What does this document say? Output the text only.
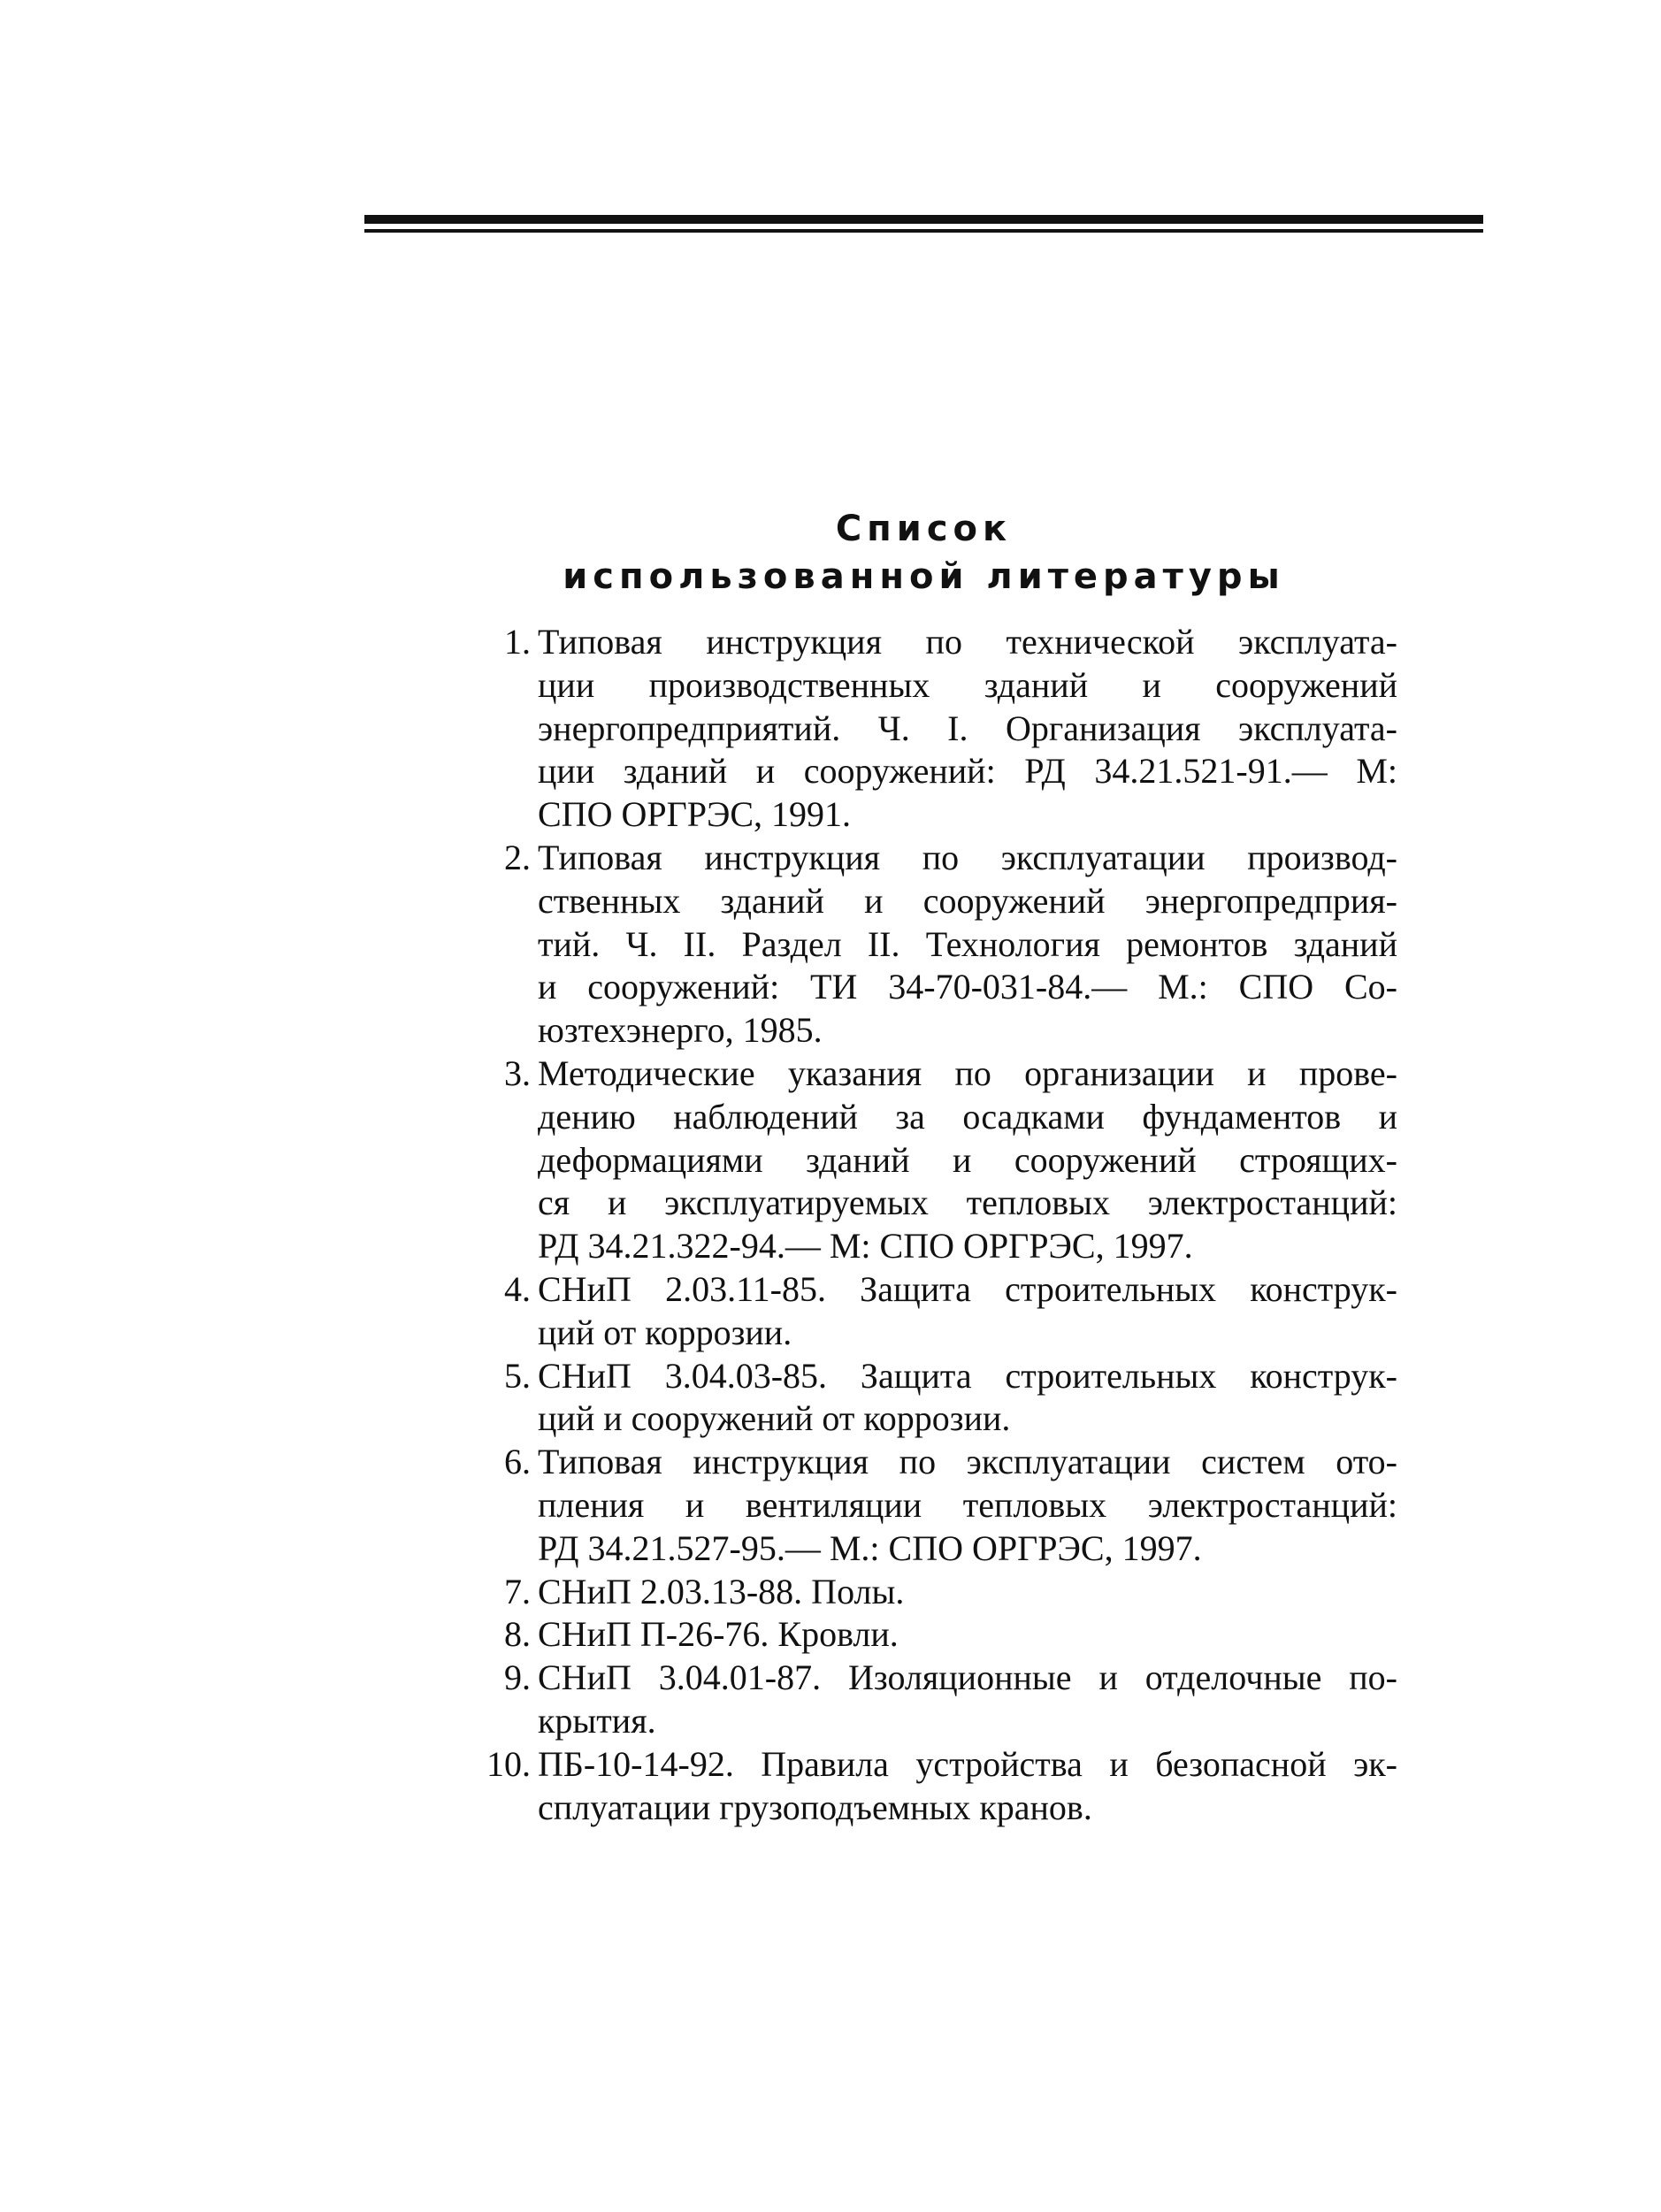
Список
использованной литературы
1. Типовая инструкция по технической эксплуата-
ции производственных зданий и сооружений
энергопредприятий. Ч. I. Организация эксплуата-
ции зданий и сооружений: РД 34.21.521-91.— М:
СПО ОРГРЭС, 1991.
2. Типовая инструкция по эксплуатации производ-
ственных зданий и сооружений энергопредприя-
тий. Ч. II. Раздел II. Технология ремонтов зданий
и сооружений: ТИ 34-70-031-84.— М.: СПО Со-
юзтехэнерго, 1985.
3. Методические указания по организации и прове-
дению наблюдений за осадками фундаментов и
деформациями зданий и сооружений строящих-
ся и эксплуатируемых тепловых электростанций:
РД 34.21.322-94.— М: СПО ОРГРЭС, 1997.
4. СНиП 2.03.11-85. Защита строительных конструк-
ций от коррозии.
5. СНиП 3.04.03-85. Защита строительных конструк-
ций и сооружений от коррозии.
6. Типовая инструкция по эксплуатации систем ото-
пления и вентиляции тепловых электростанций:
РД 34.21.527-95.— М.: СПО ОРГРЭС, 1997.
7. СНиП 2.03.13-88. Полы.
8. СНиП П-26-76. Кровли.
9. СНиП 3.04.01-87. Изоляционные и отделочные по-
крытия.
10. ПБ-10-14-92. Правила устройства и безопасной эк-
сплуатации грузоподъемных кранов.
